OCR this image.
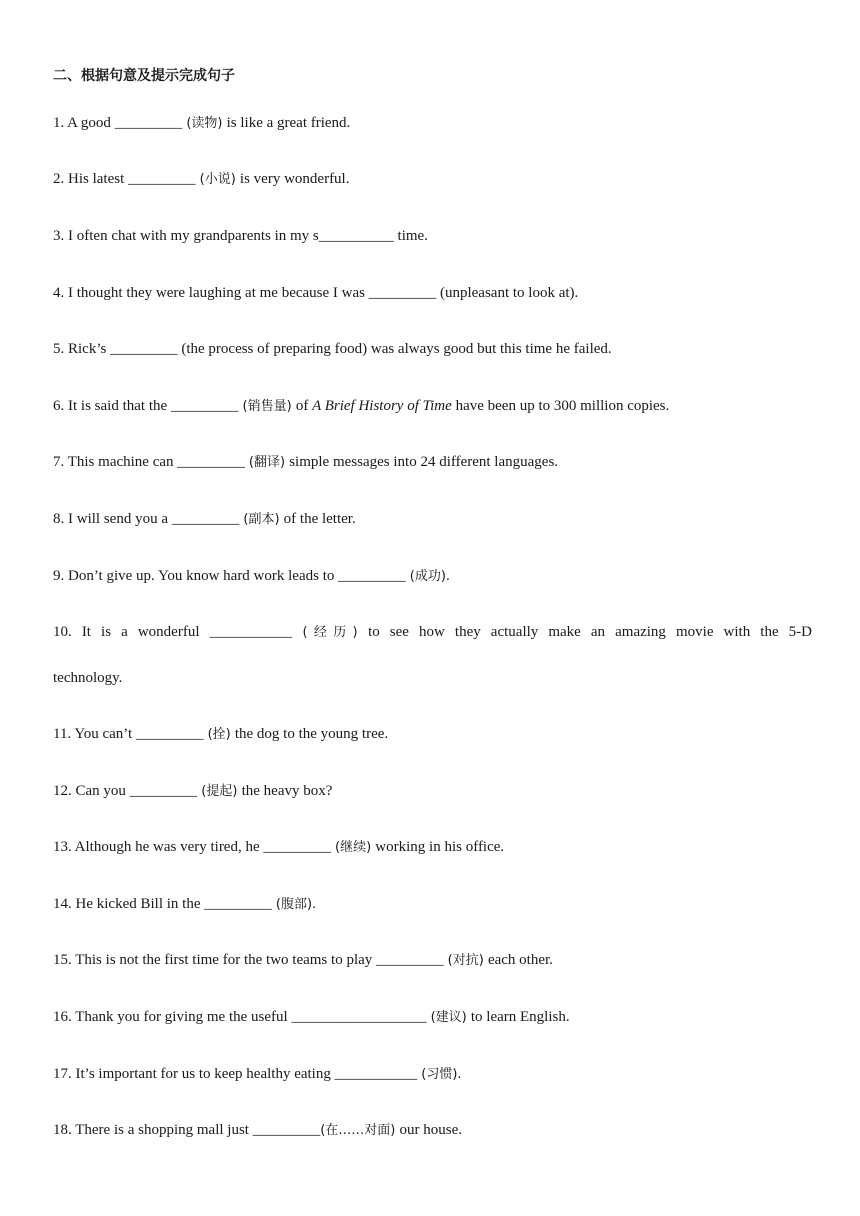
二、根据句意及提示完成句子
1. A good _________ (读物) is like a great friend.
2. His latest _________ (小说) is very wonderful.
3. I often chat with my grandparents in my s__________ time.
4. I thought they were laughing at me because I was _________ (unpleasant to look at).
5. Rick’s _________ (the process of preparing food) was always good but this time he failed.
6. It is said that the _________ (销售量) of A Brief History of Time have been up to 300 million copies.
7. This machine can _________ (翻译) simple messages into 24 different languages.
8. I will send you a _________ (副本) of the letter.
9. Don’t give up. You know hard work leads to _________ (成功).
10. It is a wonderful ___________ (经历) to see how they actually make an amazing movie with the 5-D
technology.
11. You can’t _________ (拴) the dog to the young tree.
12. Can you _________ (提起) the heavy box?
13. Although he was very tired, he _________ (继续) working in his office.
14. He kicked Bill in the _________ (腹部).
15. This is not the first time for the two teams to play _________ (对抗) each other.
16. Thank you for giving me the useful __________________ (建议) to learn English.
17. It’s important for us to keep healthy eating ___________ (习惯).
18. There is a shopping mall just _________(在……对面) our house.
